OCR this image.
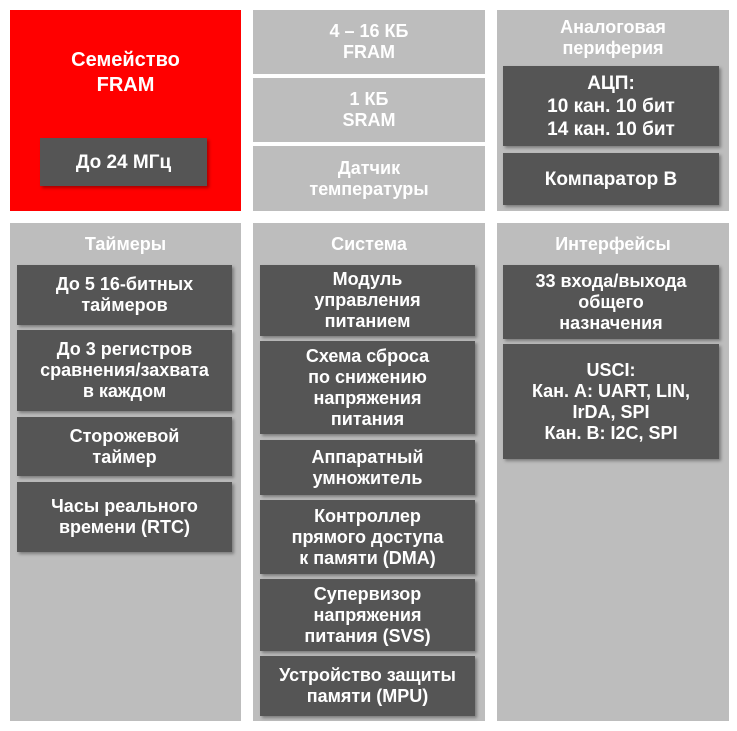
Семейство
FRAM
До 24 МГц
4 – 16 КБ
FRAM
1 КБ
SRAM
Датчик
температуры
Аналоговая
периферия
АЦП:
10 кан. 10 бит
14 кан. 10 бит
Компаратор B
Таймеры
До 5 16-битных
таймеров
До 3 регистров
сравнения/захвата
в каждом
Сторожевой
таймер
Часы реального
времени (RTC)
Система
Модуль
управления
питанием
Схема сброса
по снижению
напряжения
питания
Аппаратный
умножитель
Контроллер
прямого доступа
к памяти (DMA)
Супервизор
напряжения
питания (SVS)
Устройство защиты
памяти (MPU)
Интерфейсы
33 входа/выхода
общего
назначения
USCI:
Кан. A: UART, LIN,
IrDA, SPI
Кан. B: I2C, SPI
